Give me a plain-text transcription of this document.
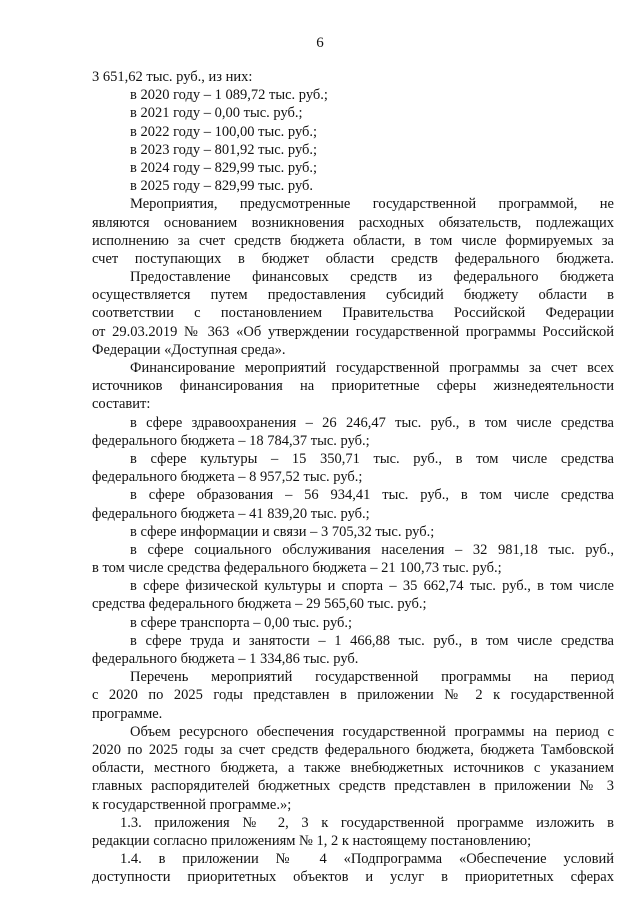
6
3 651,62 тыс. руб., из них:
в 2020 году – 1 089,72 тыс. руб.;
в 2021 году – 0,00 тыс. руб.;
в 2022 году – 100,00 тыс. руб.;
в 2023 году – 801,92 тыс. руб.;
в 2024 году – 829,99 тыс. руб.;
в 2025 году – 829,99 тыс. руб.
Мероприятия, предусмотренные государственной программой, не
являются основанием возникновения расходных обязательств, подлежащих
исполнению за счет средств бюджета области, в том числе формируемых за
счет поступающих в бюджет области средств федерального бюджета.
Предоставление финансовых средств из федерального бюджета
осуществляется путем предоставления субсидий бюджету области в
соответствии с постановлением Правительства Российской Федерации
от 29.03.2019 № 363 «Об утверждении государственной программы Российской
Федерации «Доступная среда».
Финансирование мероприятий государственной программы за счет всех
источников финансирования на приоритетные сферы жизнедеятельности
составит:
в сфере здравоохранения – 26 246,47 тыс. руб., в том числе средства
федерального бюджета – 18 784,37 тыс. руб.;
в сфере культуры – 15 350,71 тыс. руб., в том числе средства
федерального бюджета – 8 957,52 тыс. руб.;
в сфере образования – 56 934,41 тыс. руб., в том числе средства
федерального бюджета – 41 839,20 тыс. руб.;
в сфере информации и связи – 3 705,32 тыс. руб.;
в сфере социального обслуживания населения – 32 981,18 тыс. руб.,
в том числе средства федерального бюджета – 21 100,73 тыс. руб.;
в сфере физической культуры и спорта – 35 662,74 тыс. руб., в том числе
средства федерального бюджета – 29 565,60 тыс. руб.;
в сфере транспорта – 0,00 тыс. руб.;
в сфере труда и занятости – 1 466,88 тыс. руб., в том числе средства
федерального бюджета – 1 334,86 тыс. руб.
Перечень мероприятий государственной программы на период
с 2020 по 2025 годы представлен в приложении № 2 к государственной
программе.
Объем ресурсного обеспечения государственной программы на период с
2020 по 2025 годы за счет средств федерального бюджета, бюджета Тамбовской
области, местного бюджета, а также внебюджетных источников с указанием
главных распорядителей бюджетных средств представлен в приложении № 3
к государственной программе.»;
1.3. приложения № 2, 3 к государственной программе изложить в
редакции согласно приложениям № 1, 2 к настоящему постановлению;
1.4. в приложении № 4 «Подпрограмма «Обеспечение условий
доступности приоритетных объектов и услуг в приоритетных сферах
